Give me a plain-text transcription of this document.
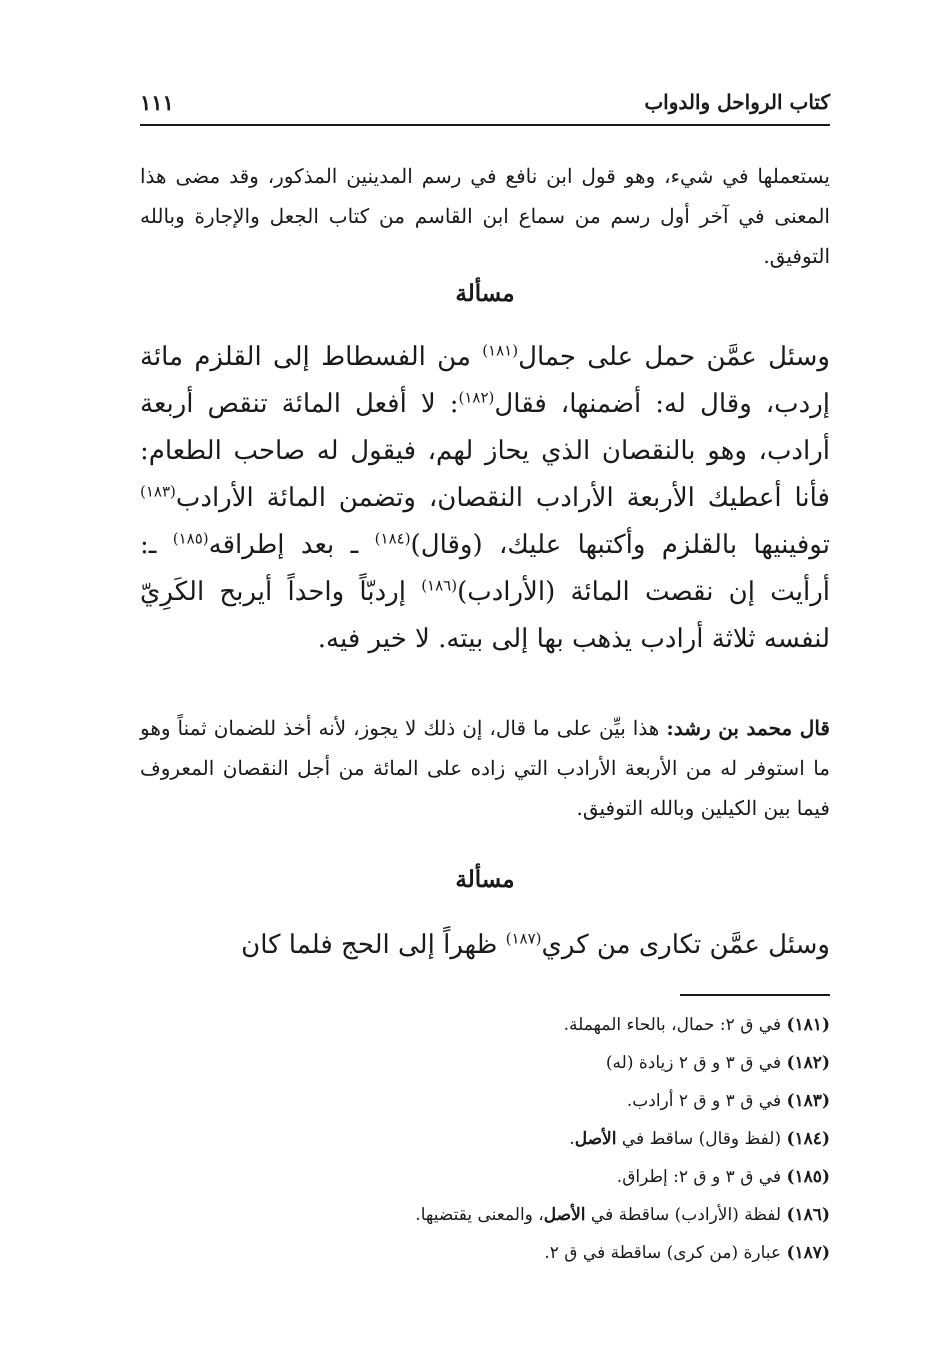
كتاب الرواحل والدواب
١١١

يستعملها في شيء، وهو قول ابن نافع في رسم المدينين المذكور، وقد مضى هذا المعنى في آخر أول رسم من سماع ابن القاسم من كتاب الجعل والإجارة وبالله التوفيق.

مسألة

وسئل عمَّن حمل على جمال$^{(١٨١)}$ من الفسطاط إلى القلزم مائة إردب، وقال له: أضمنها، فقال$^{(١٨٢)}$: لا أفعل المائة تنقص أربعة أرادب، وهو بالنقصان الذي يحاز لهم، فيقول له صاحب الطعام: فأنا أعطيك الأربعة الأرادب النقصان، وتضمن المائة الأرادب$^{(١٨٣)}$ توفينيها بالقلزم وأكتبها عليك، (وقال)$^{(١٨٤)}$ ـ بعد إطراقه$^{(١٨٥)}$ ـ: أرأيت إن نقصت المائة (الأرادب)$^{(١٨٦)}$ إردبّاً واحداً أيربح الكَرِيّ لنفسه ثلاثة أرادب يذهب بها إلى بيته. لا خير فيه.

قال محمد بن رشد: هذا بيِّن على ما قال، إن ذلك لا يجوز، لأنه أخذ للضمان ثمناً وهو ما استوفر له من الأربعة الأرادب التي زاده على المائة من أجل النقصان المعروف فيما بين الكيلين وبالله التوفيق.

مسألة

وسئل عمَّن تكارى من كري$^{(١٨٧)}$ ظهراً إلى الحج فلما كان

(١٨١) في ق ٢: حمال، بالحاء المهملة.
(١٨٢) في ق ٣ و ق ٢ زيادة (له)
(١٨٣) في ق ٣ و ق ٢ أرادب.
(١٨٤) (لفظ وقال) ساقط في الأصل.
(١٨٥) في ق ٣ و ق ٢: إطراق.
(١٨٦) لفظة (الأرادب) ساقطة في الأصل، والمعنى يقتضيها.
(١٨٧) عبارة (من كرى) ساقطة في ق ٢.
